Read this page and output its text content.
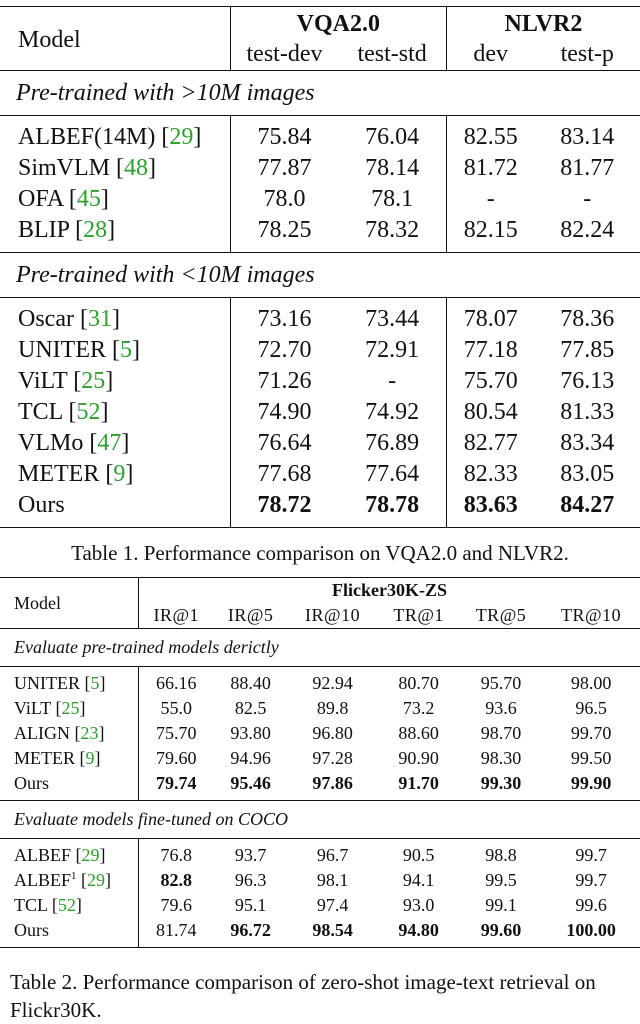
Model	VQA2.0		NLVR2	
	test-dev	test-std	dev	test-p
Pre-trained with >10M images				
ALBEF(14M) [29]	75.84	76.04	82.55	83.14
SimVLM [48]	77.87	78.14	81.72	81.77
OFA [45]	78.0	78.1	-	-
BLIP [28]	78.25	78.32	82.15	82.24
Pre-trained with <10M images				
Oscar [31]	73.16	73.44	78.07	78.36
UNITER [5]	72.70	72.91	77.18	77.85
ViLT [25]	71.26	-	75.70	76.13
TCL [52]	74.90	74.92	80.54	81.33
VLMo [47]	76.64	76.89	82.77	83.34
METER [9]	77.68	77.64	82.33	83.05
Ours	78.72	78.78	83.63	84.27
Table 1. Performance comparison on VQA2.0 and NLVR2.
Model	Flicker30K-ZS					
	IR@1	IR@5	IR@10	TR@1	TR@5	TR@10
Evaluate pre-trained models derictly						
UNITER [5]	66.16	88.40	92.94	80.70	95.70	98.00
ViLT [25]	55.0	82.5	89.8	73.2	93.6	96.5
ALIGN [23]	75.70	93.80	96.80	88.60	98.70	99.70
METER [9]	79.60	94.96	97.28	90.90	98.30	99.50
Ours	79.74	95.46	97.86	91.70	99.30	99.90
Evaluate models fine-tuned on COCO						
ALBEF [29]	76.8	93.7	96.7	90.5	98.8	99.7
ALBEF$^1$ [29]	82.8	96.3	98.1	94.1	99.5	99.7
TCL [52]	79.6	95.1	97.4	93.0	99.1	99.6
Ours	81.74	96.72	98.54	94.80	99.60	100.00
Table 2. Performance comparison of zero-shot image-text retrieval on Flickr30K.
